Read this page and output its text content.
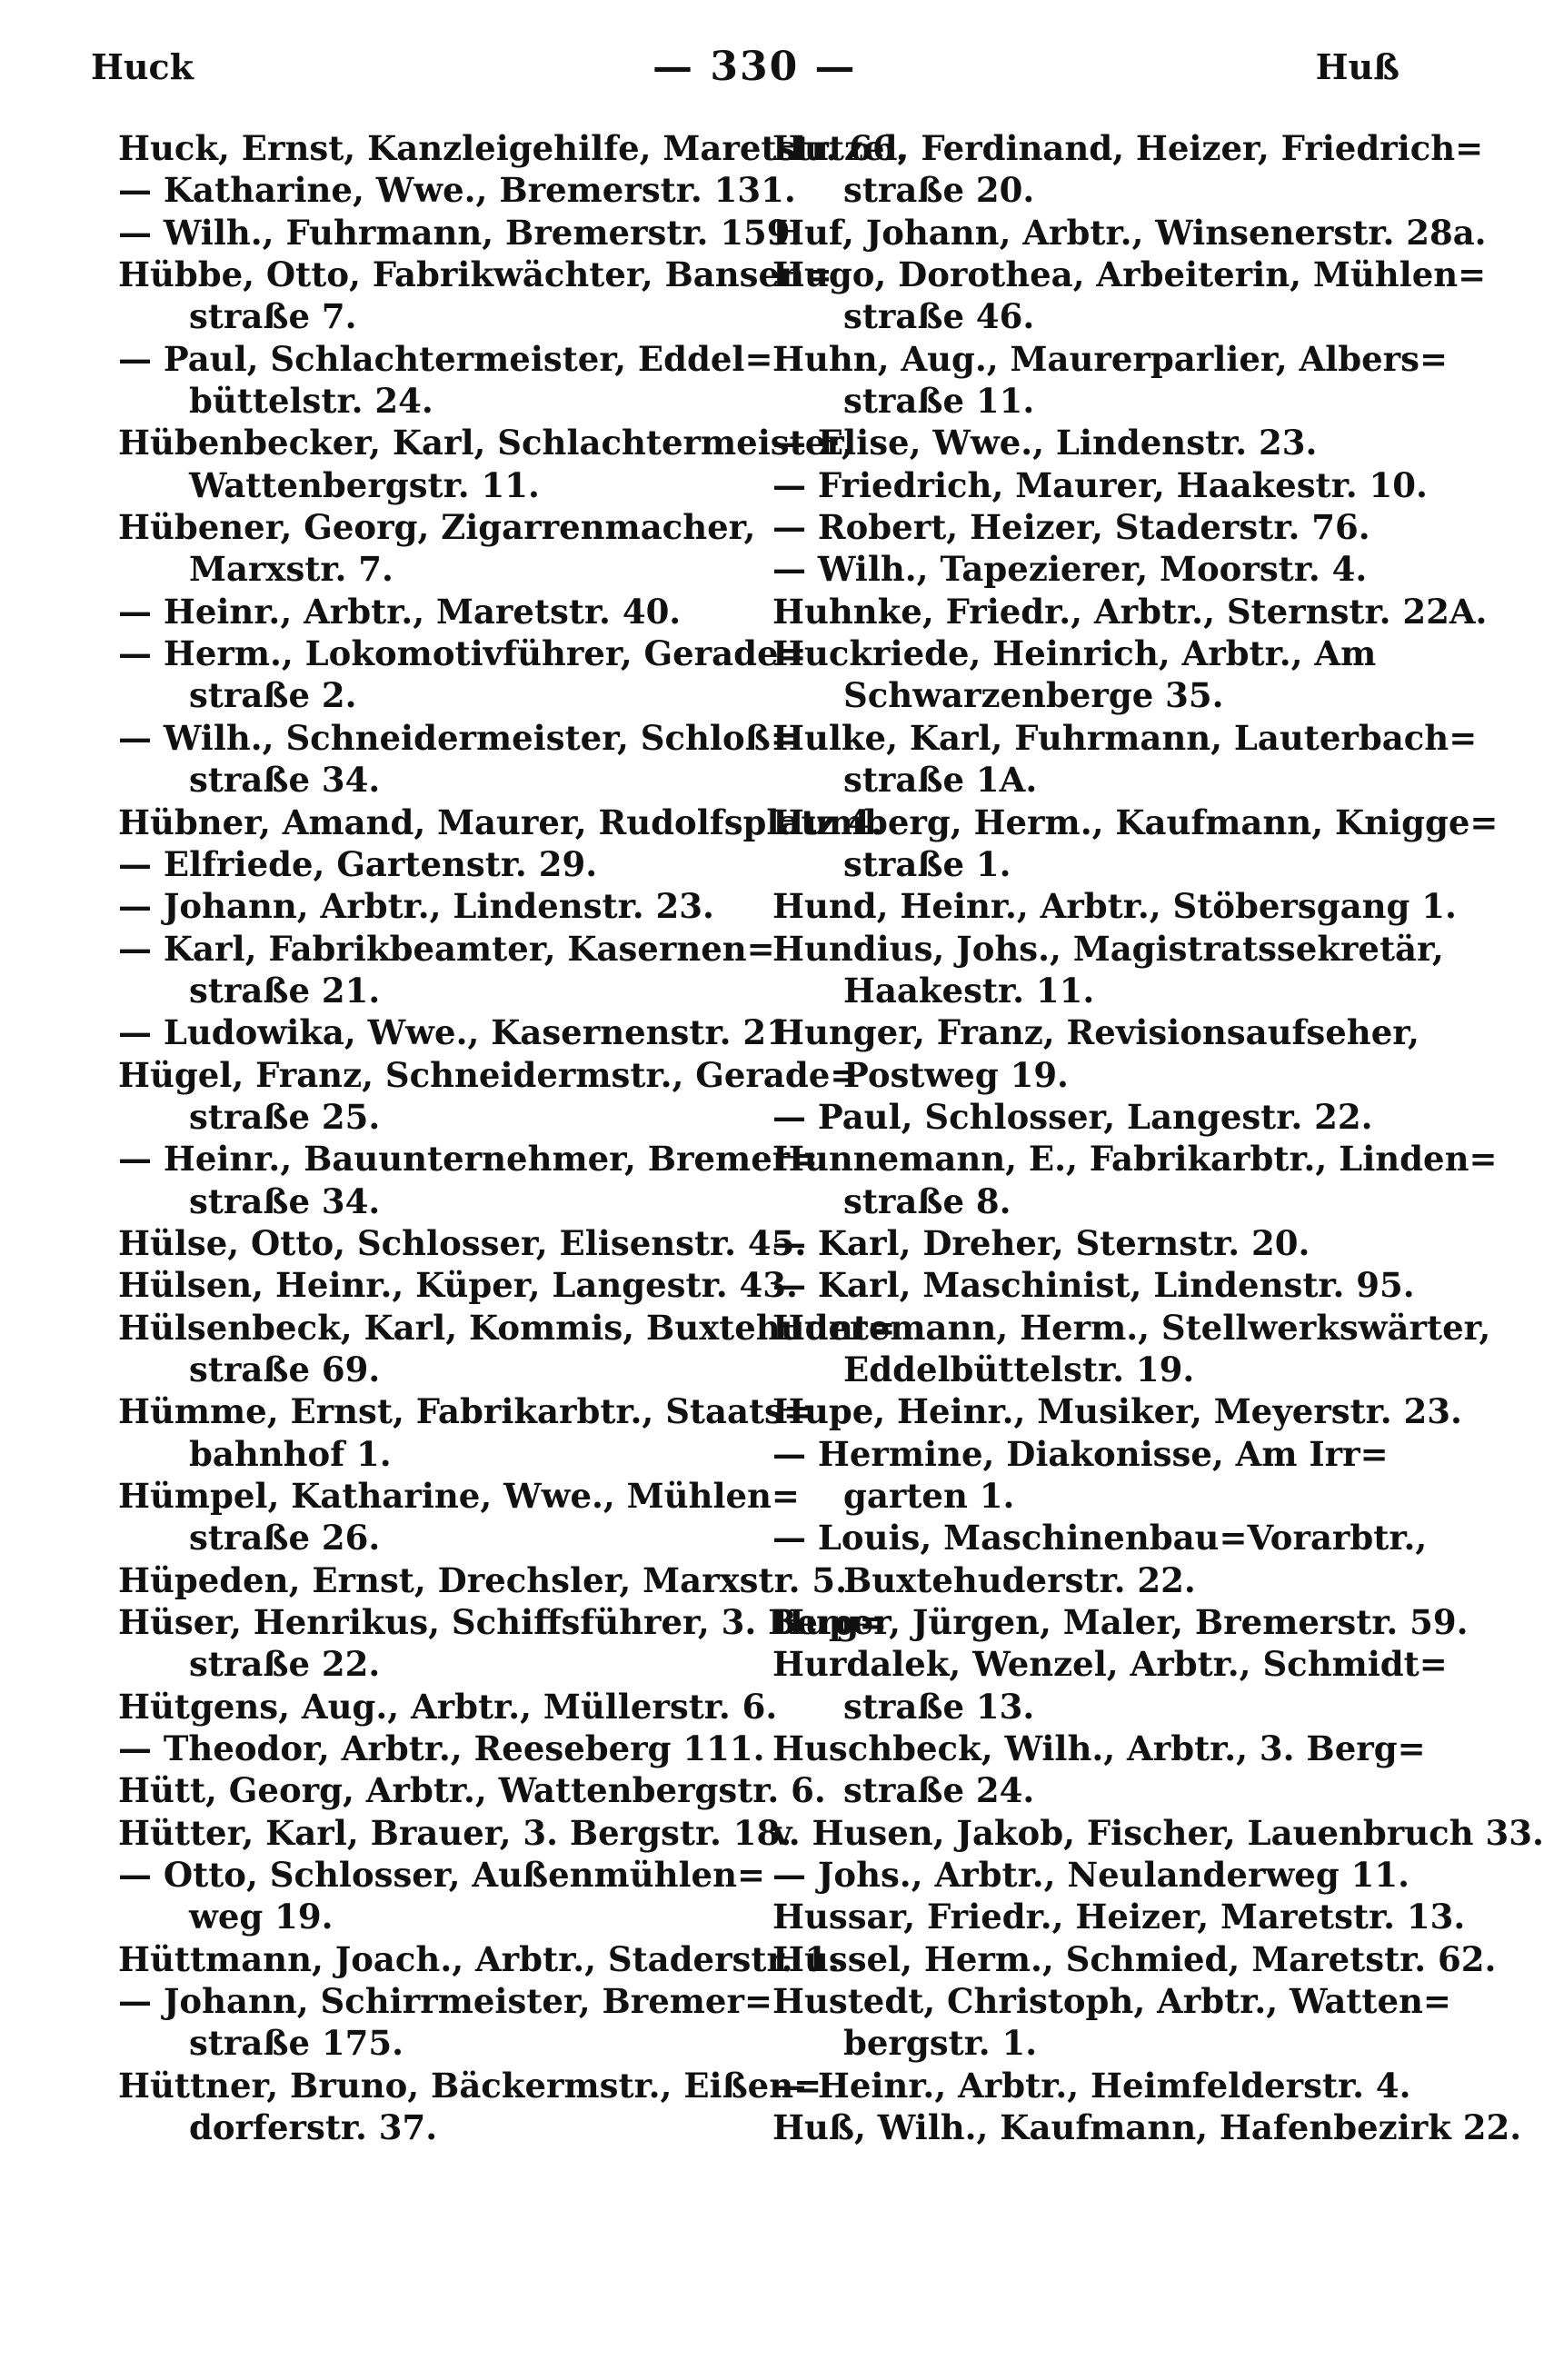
Huck	— 330 —	Huß
Huck, Ernst, Kanzleigehilfe, Maretstr. 66.
— Katharine, Wwe., Bremerstr. 131.
— Wilh., Fuhrmann, Bremerstr. 159.
Hübbe, Otto, Fabrikwächter, Bansen=
straße 7.
— Paul, Schlachtermeister, Eddel=
büttelstr. 24.
Hübenbecker, Karl, Schlachtermeister,
Wattenbergstr. 11.
Hübener, Georg, Zigarrenmacher,
Marxstr. 7.
— Heinr., Arbtr., Maretstr. 40.
— Herm., Lokomotivführer, Gerade=
straße 2.
— Wilh., Schneidermeister, Schloß=
straße 34.
Hübner, Amand, Maurer, Rudolfsplatz 4.
— Elfriede, Gartenstr. 29.
— Johann, Arbtr., Lindenstr. 23.
— Karl, Fabrikbeamter, Kasernen=
straße 21.
— Ludowika, Wwe., Kasernenstr. 21.
Hügel, Franz, Schneidermstr., Gerade=
straße 25.
— Heinr., Bauunternehmer, Bremer=
straße 34.
Hülse, Otto, Schlosser, Elisenstr. 45.
Hülsen, Heinr., Küper, Langestr. 43.
Hülsenbeck, Karl, Kommis, Buxtehuder=
straße 69.
Hümme, Ernst, Fabrikarbtr., Staats=
bahnhof 1.
Hümpel, Katharine, Wwe., Mühlen=
straße 26.
Hüpeden, Ernst, Drechsler, Marxstr. 5.
Hüser, Henrikus, Schiffsführer, 3. Berg=
straße 22.
Hütgens, Aug., Arbtr., Müllerstr. 6.
— Theodor, Arbtr., Reeseberg 111.
Hütt, Georg, Arbtr., Wattenbergstr. 6.
Hütter, Karl, Brauer, 3. Bergstr. 18.
— Otto, Schlosser, Außenmühlen=
weg 19.
Hüttmann, Joach., Arbtr., Staderstr. 1.
— Johann, Schirrmeister, Bremer=
straße 175.
Hüttner, Bruno, Bäckermstr., Eißen=
dorferstr. 37.
Hutzel, Ferdinand, Heizer, Friedrich=
straße 20.
Huf, Johann, Arbtr., Winsenerstr. 28a.
Hugo, Dorothea, Arbeiterin, Mühlen=
straße 46.
Huhn, Aug., Maurerparlier, Albers=
straße 11.
— Elise, Wwe., Lindenstr. 23.
— Friedrich, Maurer, Haakestr. 10.
— Robert, Heizer, Staderstr. 76.
— Wilh., Tapezierer, Moorstr. 4.
Huhnke, Friedr., Arbtr., Sternstr. 22A.
Huckriede, Heinrich, Arbtr., Am
Schwarzenberge 35.
Hulke, Karl, Fuhrmann, Lauterbach=
straße 1A.
Humberg, Herm., Kaufmann, Knigge=
straße 1.
Hund, Heinr., Arbtr., Stöbersgang 1.
Hundius, Johs., Magistratssekretär,
Haakestr. 11.
Hunger, Franz, Revisionsaufseher,
Postweg 19.
— Paul, Schlosser, Langestr. 22.
Hunnemann, E., Fabrikarbtr., Linden=
straße 8.
— Karl, Dreher, Sternstr. 20.
— Karl, Maschinist, Lindenstr. 95.
Huntemann, Herm., Stellwerkswärter,
Eddelbüttelstr. 19.
Hupe, Heinr., Musiker, Meyerstr. 23.
— Hermine, Diakonisse, Am Irr=
garten 1.
— Louis, Maschinenbau=Vorarbtr.,
Buxtehuderstr. 22.
Huper, Jürgen, Maler, Bremerstr. 59.
Hurdalek, Wenzel, Arbtr., Schmidt=
straße 13.
Huschbeck, Wilh., Arbtr., 3. Berg=
straße 24.
v. Husen, Jakob, Fischer, Lauenbruch 33.
— Johs., Arbtr., Neulanderweg 11.
Hussar, Friedr., Heizer, Maretstr. 13.
Hussel, Herm., Schmied, Maretstr. 62.
Hustedt, Christoph, Arbtr., Watten=
bergstr. 1.
— Heinr., Arbtr., Heimfelderstr. 4.
Huß, Wilh., Kaufmann, Hafenbezirk 22.
